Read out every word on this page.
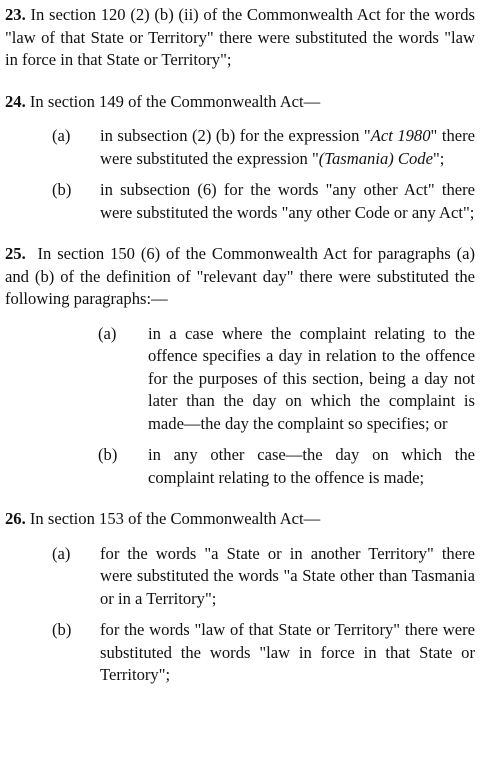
23. In section 120 (2) (b) (ii) of the Commonwealth Act for the words "law of that State or Territory" there were substituted the words "law in force in that State or Territory";

24. In section 149 of the Commonwealth Act—

(a)	in subsection (2) (b) for the expression "Act 1980" there were substituted the expression "(Tasmania) Code";
(b)	in subsection (6) for the words "any other Act" there were substituted the words "any other Code or any Act";

25. In section 150 (6) of the Commonwealth Act for paragraphs (a) and (b) of the definition of "relevant day" there were substituted the following paragraphs:—

(a)	in a case where the complaint relating to the offence specifies a day in relation to the offence for the purposes of this section, being a day not later than the day on which the complaint is made—the day the complaint so specifies; or
(b)	in any other case—the day on which the complaint relating to the offence is made;

26. In section 153 of the Commonwealth Act—

(a)	for the words "a State or in another Territory" there were substituted the words "a State other than Tasmania or in a Territory";
(b)	for the words "law of that State or Territory" there were substituted the words "law in force in that State or Territory";
